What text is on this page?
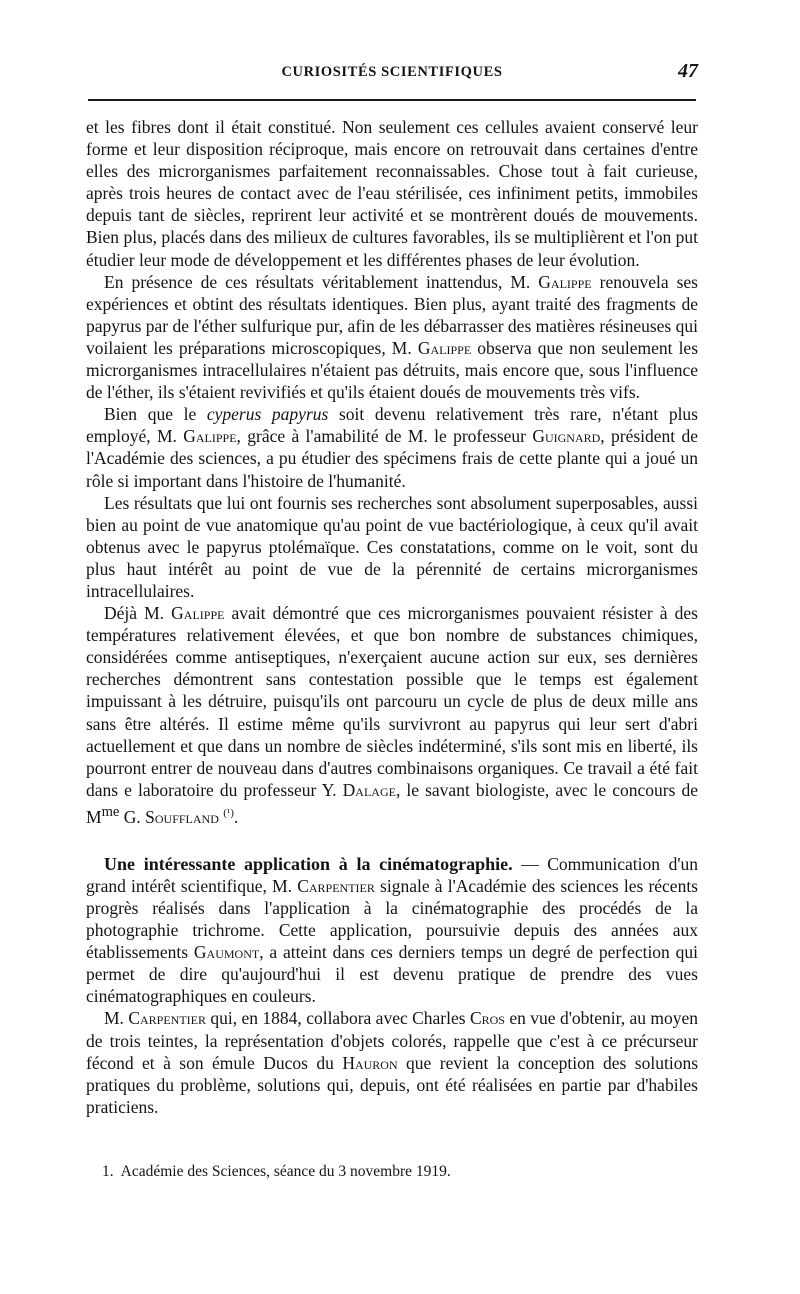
CURIOSITÉS SCIENTIFIQUES	47

et les fibres dont il était constitué. Non seulement ces cellules avaient conservé leur forme et leur disposition réciproque, mais encore on retrouvait dans certaines d'entre elles des microrganismes parfaitement reconnaissables. Chose tout à fait curieuse, après trois heures de contact avec de l'eau stérilisée, ces infiniment petits, immobiles depuis tant de siècles, reprirent leur activité et se montrèrent doués de mouvements. Bien plus, placés dans des milieux de cultures favorables, ils se multiplièrent et l'on put étudier leur mode de développement et les différentes phases de leur évolution.

En présence de ces résultats véritablement inattendus, M. Galippe renouvela ses expériences et obtint des résultats identiques. Bien plus, ayant traité des fragments de papyrus par de l'éther sulfurique pur, afin de les débarrasser des matières résineuses qui voilaient les préparations microscopiques, M. Galippe observa que non seulement les microrganismes intracellulaires n'étaient pas détruits, mais encore que, sous l'influence de l'éther, ils s'étaient revivifiés et qu'ils étaient doués de mouvements très vifs.

Bien que le cyperus papyrus soit devenu relativement très rare, n'étant plus employé, M. Galippe, grâce à l'amabilité de M. le professeur Guignard, président de l'Académie des sciences, a pu étudier des spécimens frais de cette plante qui a joué un rôle si important dans l'histoire de l'humanité.

Les résultats que lui ont fournis ses recherches sont absolument superposables, aussi bien au point de vue anatomique qu'au point de vue bactériologique, à ceux qu'il avait obtenus avec le papyrus ptolémaïque. Ces constatations, comme on le voit, sont du plus haut intérêt au point de vue de la pérennité de certains microrganismes intracellulaires.

Déjà M. Galippe avait démontré que ces microrganismes pouvaient résister à des températures relativement élevées, et que bon nombre de substances chimiques, considérées comme antiseptiques, n'exerçaient aucune action sur eux, ses dernières recherches démontrent sans contestation possible que le temps est également impuissant à les détruire, puisqu'ils ont parcouru un cycle de plus de deux mille ans sans être altérés. Il estime même qu'ils survivront au papyrus qui leur sert d'abri actuellement et que dans un nombre de siècles indéterminé, s'ils sont mis en liberté, ils pourront entrer de nouveau dans d'autres combinaisons organiques. Ce travail a été fait dans e laboratoire du professeur Y. Dalage, le savant biologiste, avec le concours de $M^{me}$ G. Souffland $^{(^1)}$.

Une intéressante application à la cinématographie. — Communication d'un grand intérêt scientifique, M. Carpentier signale à l'Académie des sciences les récents progrès réalisés dans l'application à la cinématographie des procédés de la photographie trichrome. Cette application, poursuivie depuis des années aux établissements Gaumont, a atteint dans ces derniers temps un degré de perfection qui permet de dire qu'aujourd'hui il est devenu pratique de prendre des vues cinématographiques en couleurs.

M. Carpentier qui, en 1884, collabora avec Charles Cros en vue d'obtenir, au moyen de trois teintes, la représentation d'objets colorés, rappelle que c'est à ce précurseur fécond et à son émule Ducos du Hauron que revient la conception des solutions pratiques du problème, solutions qui, depuis, ont été réalisées en partie par d'habiles praticiens.

1. Académie des Sciences, séance du 3 novembre 1919.
